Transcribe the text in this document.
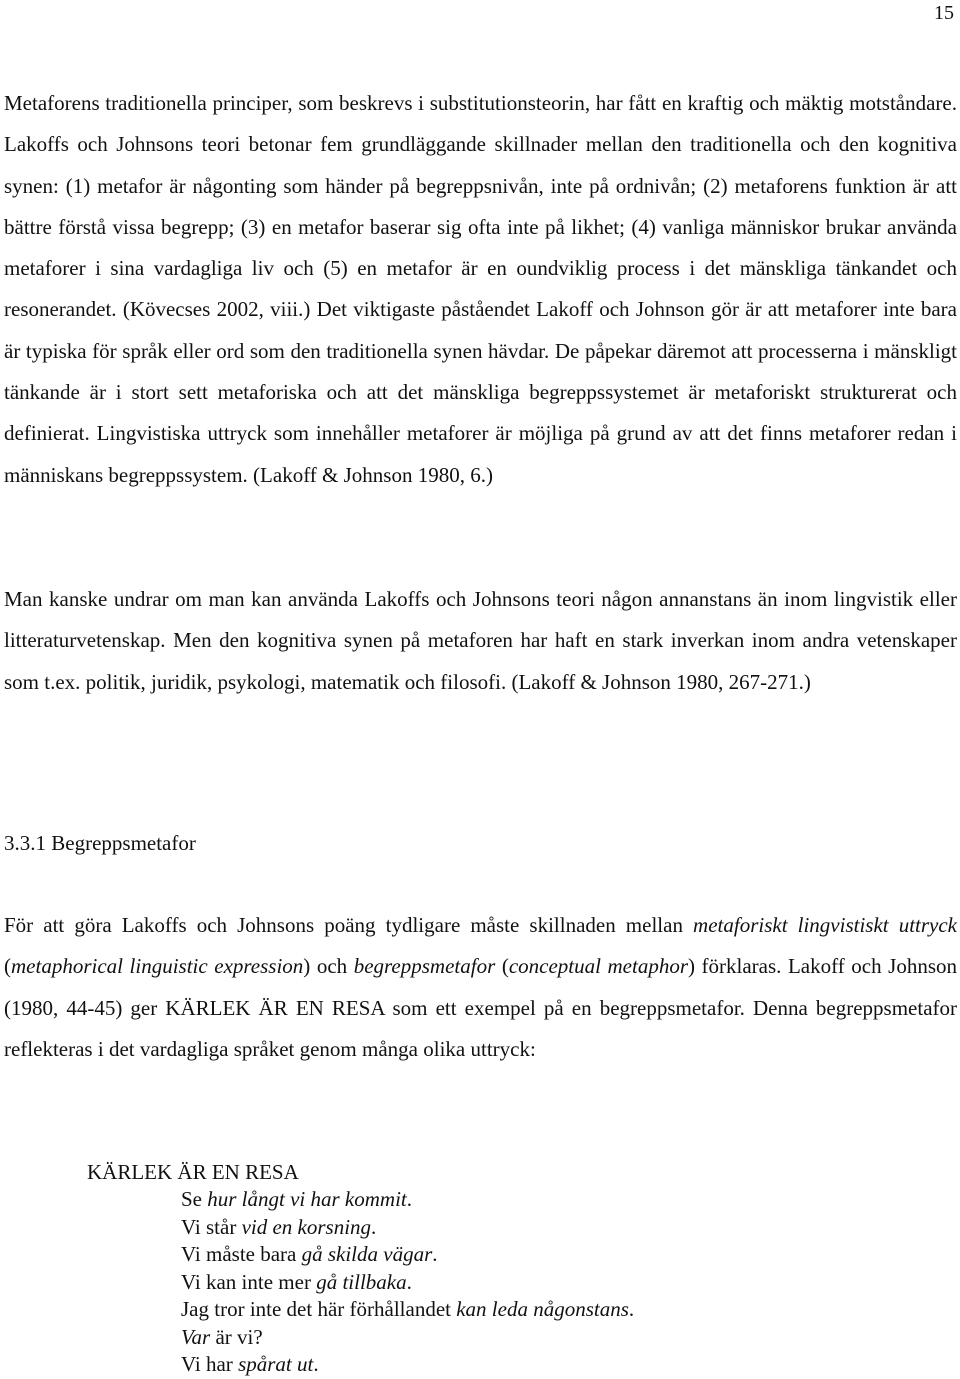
15

Metaforens traditionella principer, som beskrevs i substitutionsteorin, har fått en kraftig och mäktig motståndare. Lakoffs och Johnsons teori betonar fem grundläggande skillnader mellan den traditionella och den kognitiva synen: (1) metafor är någonting som händer på begreppsnivån, inte på ordnivån; (2) metaforens funktion är att bättre förstå vissa begrepp; (3) en metafor baserar sig ofta inte på likhet; (4) vanliga människor brukar använda metaforer i sina vardagliga liv och (5) en metafor är en oundviklig process i det mänskliga tänkandet och resonerandet. (Kövecses 2002, viii.) Det viktigaste påståendet Lakoff och Johnson gör är att metaforer inte bara är typiska för språk eller ord som den traditionella synen hävdar. De påpekar däremot att processerna i mänskligt tänkande är i stort sett metaforiska och att det mänskliga begreppssystemet är metaforiskt strukturerat och definierat. Lingvistiska uttryck som innehåller metaforer är möjliga på grund av att det finns metaforer redan i människans begreppssystem. (Lakoff & Johnson 1980, 6.)

Man kanske undrar om man kan använda Lakoffs och Johnsons teori någon annanstans än inom lingvistik eller litteraturvetenskap. Men den kognitiva synen på metaforen har haft en stark inverkan inom andra vetenskaper som t.ex. politik, juridik, psykologi, matematik och filosofi. (Lakoff & Johnson 1980, 267-271.)

3.3.1 Begreppsmetafor

För att göra Lakoffs och Johnsons poäng tydligare måste skillnaden mellan metaforiskt lingvistiskt uttryck (metaphorical linguistic expression) och begreppsmetafor (conceptual metaphor) förklaras. Lakoff och Johnson (1980, 44-45) ger KÄRLEK ÄR EN RESA som ett exempel på en begreppsmetafor. Denna begreppsmetafor reflekteras i det vardagliga språket genom många olika uttryck:

KÄRLEK ÄR EN RESA
Se hur långt vi har kommit.
Vi står vid en korsning.
Vi måste bara gå skilda vägar.
Vi kan inte mer gå tillbaka.
Jag tror inte det här förhållandet kan leda någonstans.
Var är vi?
Vi har spårat ut.
